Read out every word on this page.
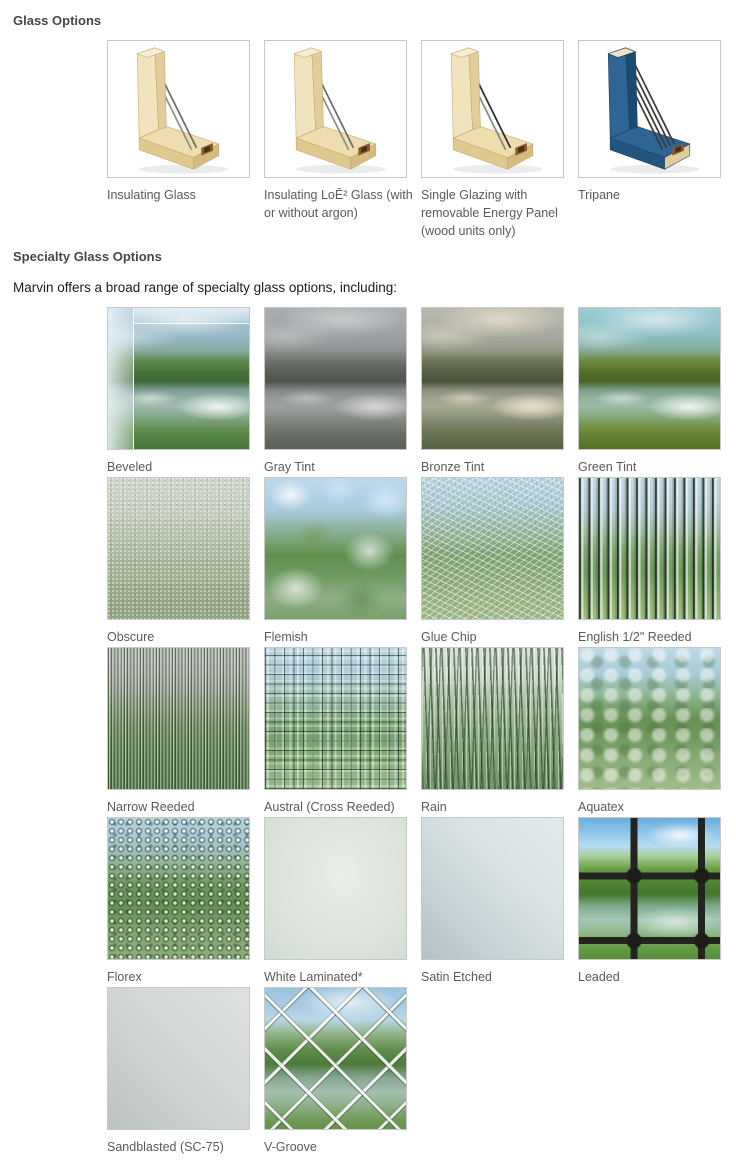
Glass Options
Insulating Glass	Insulating LoĒ² Glass (with or without argon)
Single Glazing with removable Energy Panel (wood units only)
Tripane
Specialty Glass Options

Marvin offers a broad range of specialty glass options, including:

Beveled	Gray Tint	Bronze Tint	Green Tint
Obscure	Flemish	Glue Chip	English 1/2" Reeded
Narrow Reeded	Austral (Cross Reeded)	Rain	Aquatex
Florex	White Laminated*	Satin Etched	Leaded
Sandblasted (SC-75)	V-Groove
